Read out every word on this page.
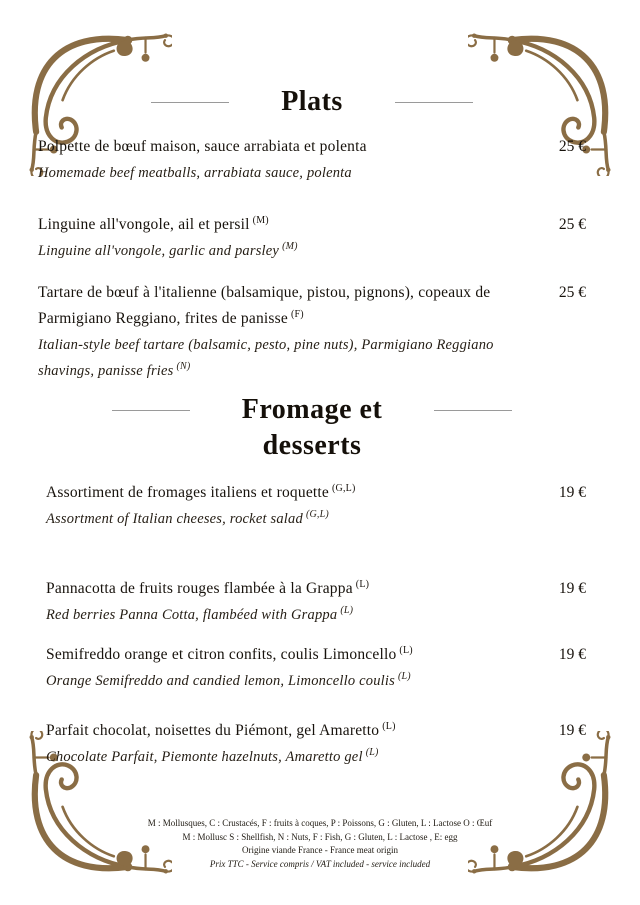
Plats

Polpette de bœuf maison, sauce arrabiata et polenta

Homemade beef meatballs, arrabiata sauce, polenta

25 €

Linguine all'vongole, ail et persil $^{(M)}$

Linguine all'vongole, garlic and parsley $^{(M)}$

25 €

Tartare de bœuf à l'italienne (balsamique, pistou, pignons), copeaux de Parmigiano Reggiano, frites de panisse $^{(F)}$

Italian-style beef tartare (balsamic, pesto, pine nuts), Parmigiano Reggiano shavings, panisse fries $^{(N)}$

25 €
Fromage et
desserts

Assortiment de fromages italiens et roquette $^{(G,L)}$

Assortment of Italian cheeses, rocket salad $^{(G,L)}$

19 €

Pannacotta de fruits rouges flambée à la Grappa $^{(L)}$

Red berries Panna Cotta, flambéed with Grappa $^{(L)}$

19 €

Semifreddo orange et citron confits, coulis Limoncello $^{(L)}$

Orange Semifreddo and candied lemon, Limoncello coulis $^{(L)}$

19 €

Parfait chocolat, noisettes du Piémont, gel Amaretto $^{(L)}$

Chocolate Parfait, Piemonte hazelnuts, Amaretto gel $^{(L)}$

19 €

M : Mollusques, C : Crustacés, F : fruits à coques, P : Poissons, G : Gluten, L : Lactose O : Œuf

M : Mollusc S : Shellfish, N : Nuts, F : Fish, G : Gluten, L : Lactose , E: egg

Origine viande France - France meat origin

Prix TTC - Service compris / VAT included - service included
